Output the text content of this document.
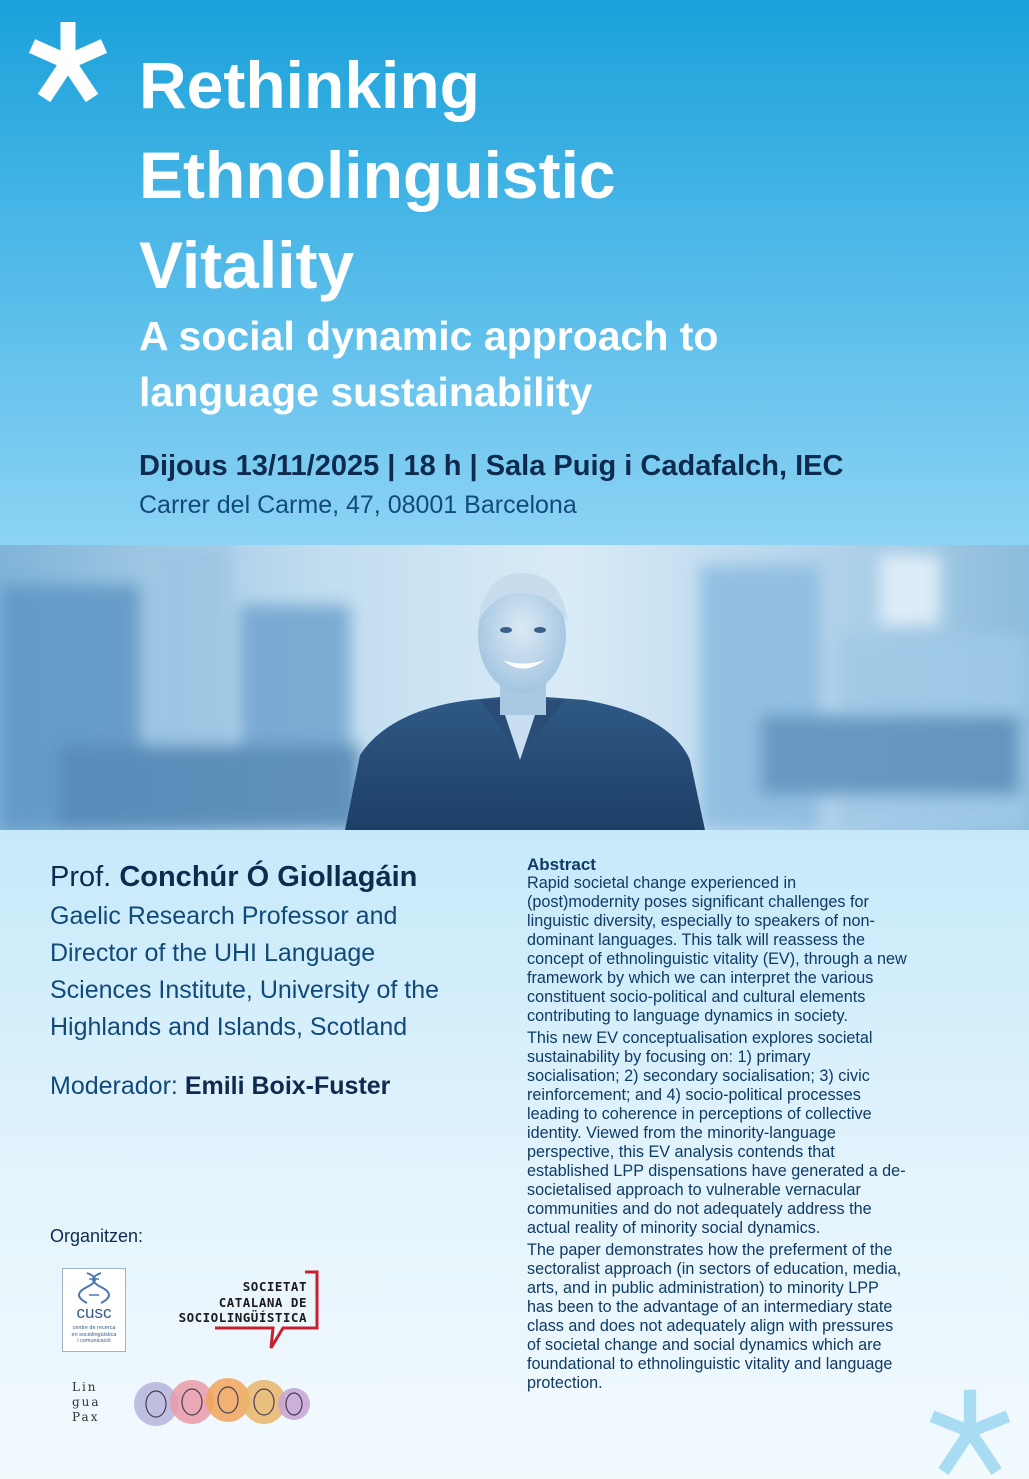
Rethinking
Ethnolinguistic
Vitality
A social dynamic approach to
language sustainability
Dijous 13/11/2025 | 18 h | Sala Puig i Cadafalch, IEC
Carrer del Carme, 47, 08001 Barcelona
Prof. Conchúr Ó Giollagáin
Gaelic Research Professor and
Director of the UHI Language
Sciences Institute, University of the
Highlands and Islands, Scotland
Moderador: Emili Boix-Fuster
Abstract

Rapid societal change experienced in
(post)modernity poses significant challenges for
linguistic diversity, especially to speakers of non-
dominant languages. This talk will reassess the
concept of ethnolinguistic vitality (EV), through a new
framework by which we can interpret the various
constituent socio-political and cultural elements
contributing to language dynamics in society.

This new EV conceptualisation explores societal
sustainability by focusing on: 1) primary
socialisation; 2) secondary socialisation; 3) civic
reinforcement; and 4) socio-political processes
leading to coherence in perceptions of collective
identity. Viewed from the minority-language
perspective, this EV analysis contends that
established LPP dispensations have generated a de-
societalised approach to vulnerable vernacular
communities and do not adequately address the
actual reality of minority social dynamics.

The paper demonstrates how the preferment of the
sectoralist approach (in sectors of education, media,
arts, and in public administration) to minority LPP
has been to the advantage of an intermediary state
class and does not adequately align with pressures
of societal change and social dynamics which are
foundational to ethnolinguistic vitality and language
protection.

Organitzen:
cusc
centre de recerca
en sociolingüística
i comunicació
SOCIETAT
CATALANA DE
SOCIOLINGÜÍSTICA
Lin
gua
Pax
